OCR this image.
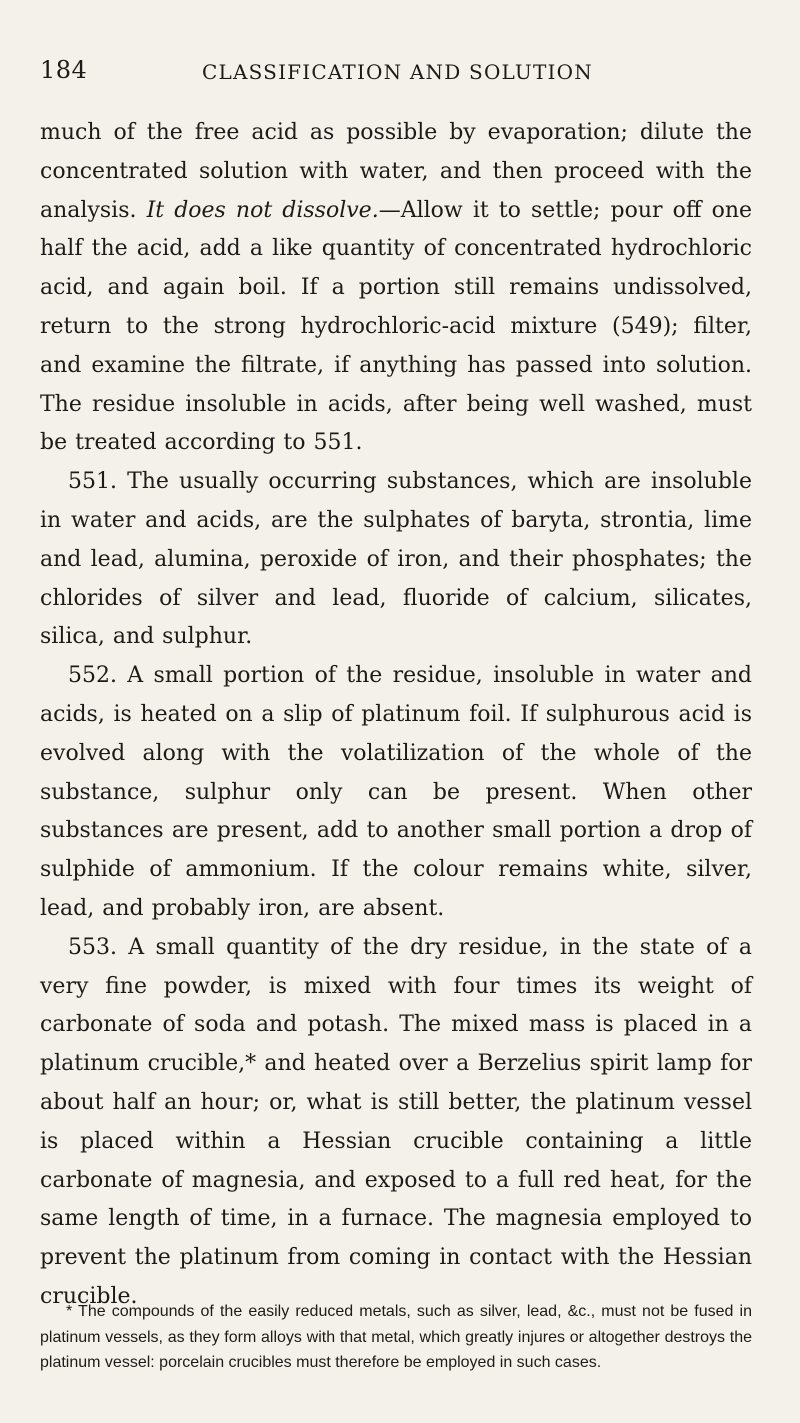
184	CLASSIFICATION AND SOLUTION

much of the free acid as possible by evaporation; dilute the concentrated solution with water, and then proceed with the analysis. It does not dissolve.—Allow it to settle; pour off one half the acid, add a like quantity of concentrated hydrochloric acid, and again boil. If a portion still remains undissolved, return to the strong hydrochloric-acid mixture (549); filter, and examine the filtrate, if anything has passed into solution. The residue insoluble in acids, after being well washed, must be treated according to 551.

551. The usually occurring substances, which are insoluble in water and acids, are the sulphates of baryta, strontia, lime and lead, alumina, peroxide of iron, and their phosphates; the chlorides of silver and lead, fluoride of calcium, silicates, silica, and sulphur.

552. A small portion of the residue, insoluble in water and acids, is heated on a slip of platinum foil. If sulphurous acid is evolved along with the volatilization of the whole of the substance, sulphur only can be present. When other substances are present, add to another small portion a drop of sulphide of ammonium. If the colour remains white, silver, lead, and probably iron, are absent.

553. A small quantity of the dry residue, in the state of a very fine powder, is mixed with four times its weight of carbonate of soda and potash. The mixed mass is placed in a platinum crucible,* and heated over a Berzelius spirit lamp for about half an hour; or, what is still better, the platinum vessel is placed within a Hessian crucible containing a little carbonate of magnesia, and exposed to a full red heat, for the same length of time, in a furnace. The magnesia employed to prevent the platinum from coming in contact with the Hessian crucible.

* The compounds of the easily reduced metals, such as silver, lead, &c., must not be fused in platinum vessels, as they form alloys with that metal, which greatly injures or altogether destroys the platinum vessel: porcelain crucibles must therefore be employed in such cases.
